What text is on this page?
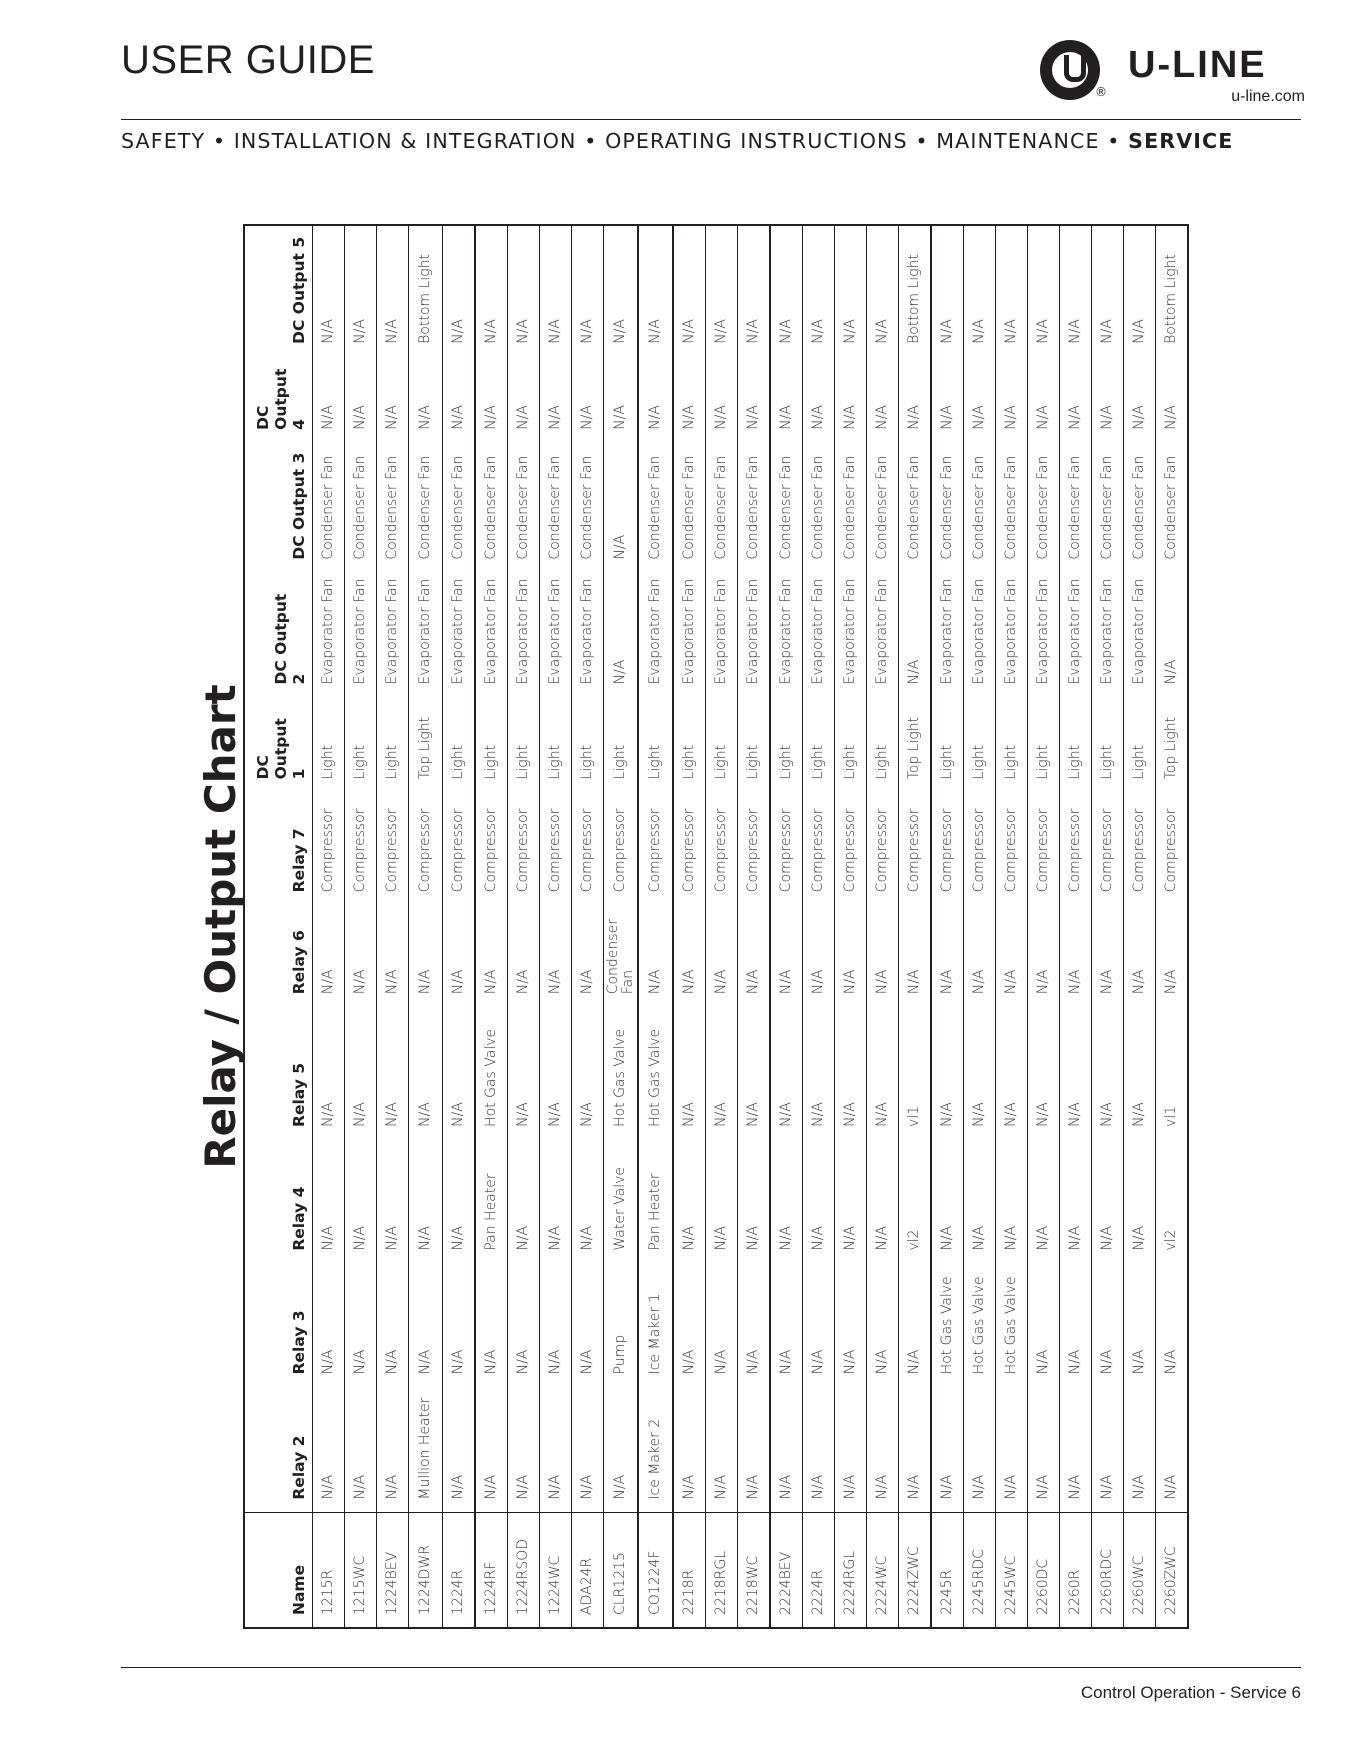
USER GUIDE
®
U-LINE
u-line.com
SAFETY • INSTALLATION & INTEGRATION • OPERATING INSTRUCTIONS • MAINTENANCE • SERVICE
Relay / Output Chart
Name	Relay 2	Relay 3	Relay 4	Relay 5	Relay 6	Relay 7	DC Output 1	DC Output 2	DC Output 3	DC Output 4	DC Output 5
1215R	N/A	N/A	N/A	N/A	N/A	Compressor	Light	Evaporator Fan	Condenser Fan	N/A	N/A
1215WC	N/A	N/A	N/A	N/A	N/A	Compressor	Light	Evaporator Fan	Condenser Fan	N/A	N/A
1224BEV	N/A	N/A	N/A	N/A	N/A	Compressor	Light	Evaporator Fan	Condenser Fan	N/A	N/A
1224DWR	Mullion Heater	N/A	N/A	N/A	N/A	Compressor	Top Light	Evaporator Fan	Condenser Fan	N/A	Bottom Light
1224R	N/A	N/A	N/A	N/A	N/A	Compressor	Light	Evaporator Fan	Condenser Fan	N/A	N/A
1224RF	N/A	N/A	Pan Heater	Hot Gas Valve	N/A	Compressor	Light	Evaporator Fan	Condenser Fan	N/A	N/A
1224RSOD	N/A	N/A	N/A	N/A	N/A	Compressor	Light	Evaporator Fan	Condenser Fan	N/A	N/A
1224WC	N/A	N/A	N/A	N/A	N/A	Compressor	Light	Evaporator Fan	Condenser Fan	N/A	N/A
ADA24R	N/A	N/A	N/A	N/A	N/A	Compressor	Light	Evaporator Fan	Condenser Fan	N/A	N/A
CLR1215	N/A	Pump	Water Valve	Hot Gas Valve	Condenser Fan	Compressor	Light	N/A	N/A	N/A	N/A
CO1224F	Ice Maker 2	Ice Maker 1	Pan Heater	Hot Gas Valve	N/A	Compressor	Light	Evaporator Fan	Condenser Fan	N/A	N/A
2218R	N/A	N/A	N/A	N/A	N/A	Compressor	Light	Evaporator Fan	Condenser Fan	N/A	N/A
2218RGL	N/A	N/A	N/A	N/A	N/A	Compressor	Light	Evaporator Fan	Condenser Fan	N/A	N/A
2218WC	N/A	N/A	N/A	N/A	N/A	Compressor	Light	Evaporator Fan	Condenser Fan	N/A	N/A
2224BEV	N/A	N/A	N/A	N/A	N/A	Compressor	Light	Evaporator Fan	Condenser Fan	N/A	N/A
2224R	N/A	N/A	N/A	N/A	N/A	Compressor	Light	Evaporator Fan	Condenser Fan	N/A	N/A
2224RGL	N/A	N/A	N/A	N/A	N/A	Compressor	Light	Evaporator Fan	Condenser Fan	N/A	N/A
2224WC	N/A	N/A	N/A	N/A	N/A	Compressor	Light	Evaporator Fan	Condenser Fan	N/A	N/A
2224ZWC	N/A	N/A	vl2	vl1	N/A	Compressor	Top Light	N/A	Condenser Fan	N/A	Bottom Light
2245R	N/A	Hot Gas Valve	N/A	N/A	N/A	Compressor	Light	Evaporator Fan	Condenser Fan	N/A	N/A
2245RDC	N/A	Hot Gas Valve	N/A	N/A	N/A	Compressor	Light	Evaporator Fan	Condenser Fan	N/A	N/A
2245WC	N/A	Hot Gas Valve	N/A	N/A	N/A	Compressor	Light	Evaporator Fan	Condenser Fan	N/A	N/A
2260DC	N/A	N/A	N/A	N/A	N/A	Compressor	Light	Evaporator Fan	Condenser Fan	N/A	N/A
2260R	N/A	N/A	N/A	N/A	N/A	Compressor	Light	Evaporator Fan	Condenser Fan	N/A	N/A
2260RDC	N/A	N/A	N/A	N/A	N/A	Compressor	Light	Evaporator Fan	Condenser Fan	N/A	N/A
2260WC	N/A	N/A	N/A	N/A	N/A	Compressor	Light	Evaporator Fan	Condenser Fan	N/A	N/A
2260ZWC	N/A	N/A	vl2	vl1	N/A	Compressor	Top Light	N/A	Condenser Fan	N/A	Bottom Light
Control Operation - Service 6
